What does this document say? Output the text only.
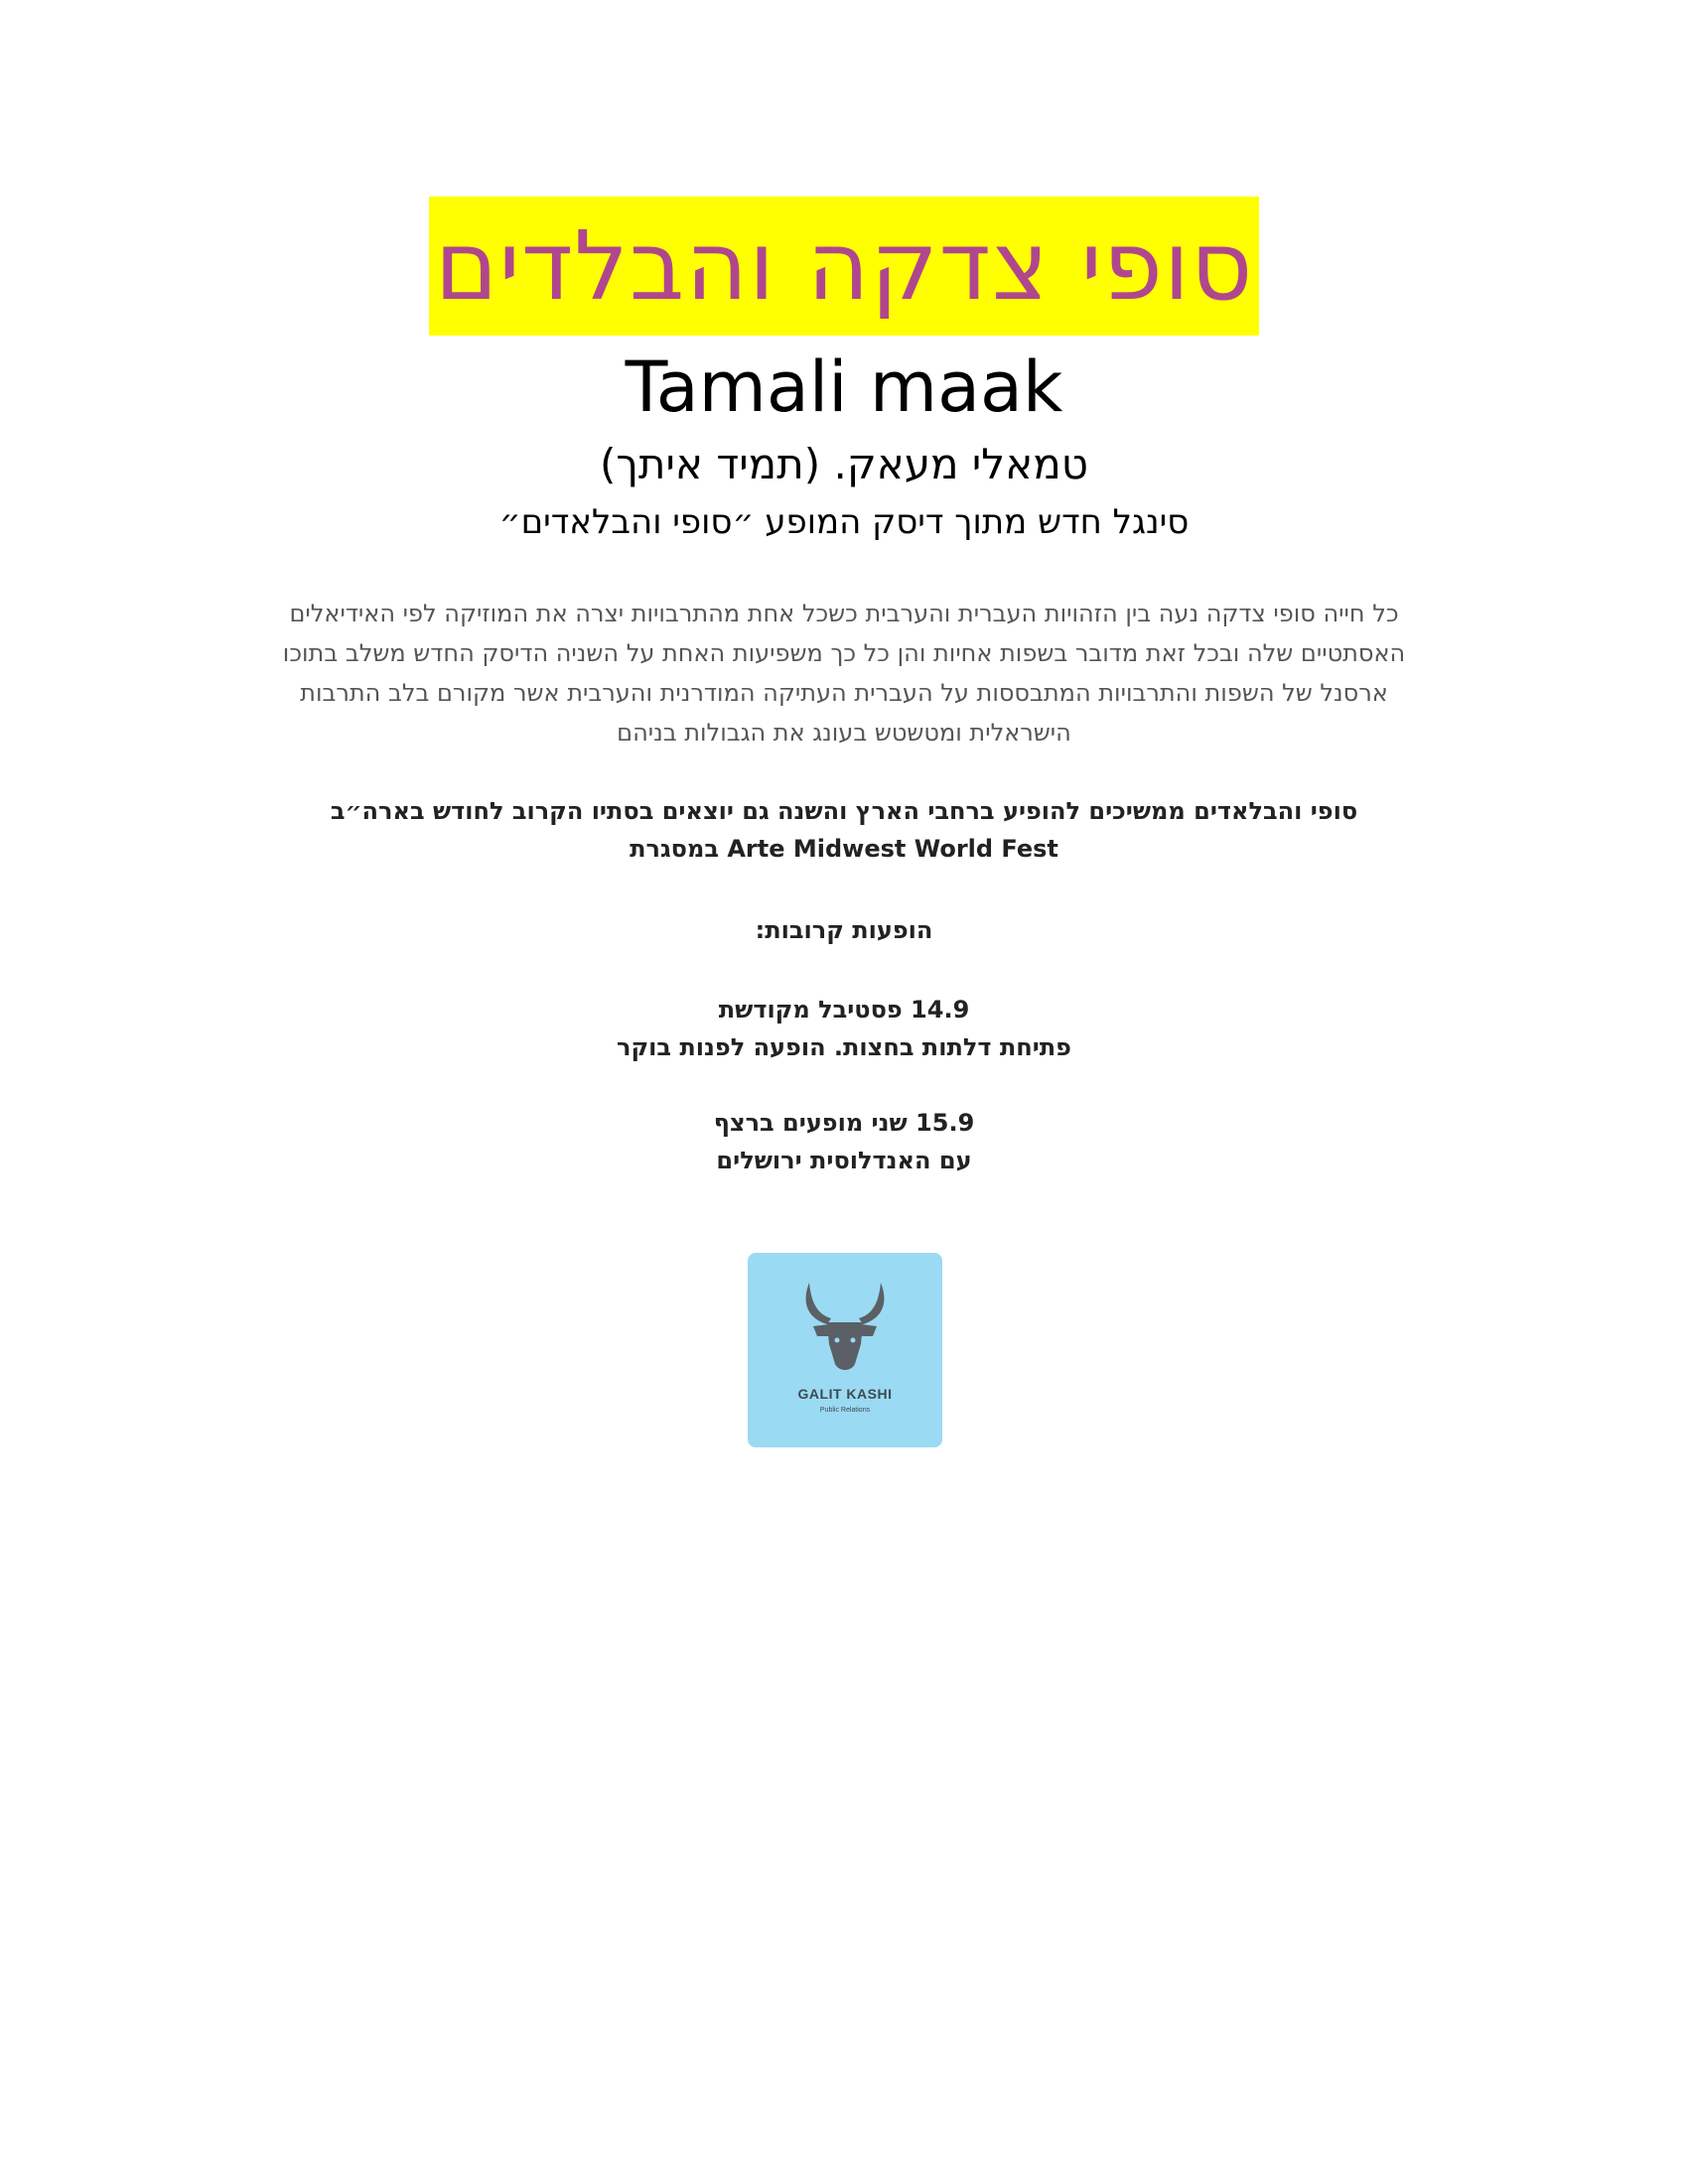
סופי צדקה והבלדים
Tamali maak
טמאלי מעאק. (תמיד איתך)
סינגל חדש מתוך דיסק המופע ״סופי והבלאדים״
כל חייה סופי צדקה נעה בין הזהויות העברית והערבית כשכל אחת מהתרבויות יצרה את המוזיקה לפי האידיאלים
האסתטיים שלה ובכל זאת מדובר בשפות אחיות והן כל כך משפיעות האחת על השניה הדיסק החדש משלב בתוכו
ארסנל של השפות והתרבויות המתבססות על העברית העתיקה המודרנית והערבית אשר מקורם בלב התרבות
הישראלית ומטשטש בעונג את הגבולות בניהם
סופי והבלאדים ממשיכים להופיע ברחבי הארץ והשנה גם יוצאים בסתיו הקרוב לחודש בארה״ב
Arte Midwest World Fest במסגרת
הופעות קרובות:
14.9 פסטיבל מקודשת
פתיחת דלתות בחצות. הופעה לפנות בוקר
15.9 שני מופעים ברצף
עם האנדלוסית ירושלים
GALIT KASHI
Public Relations
